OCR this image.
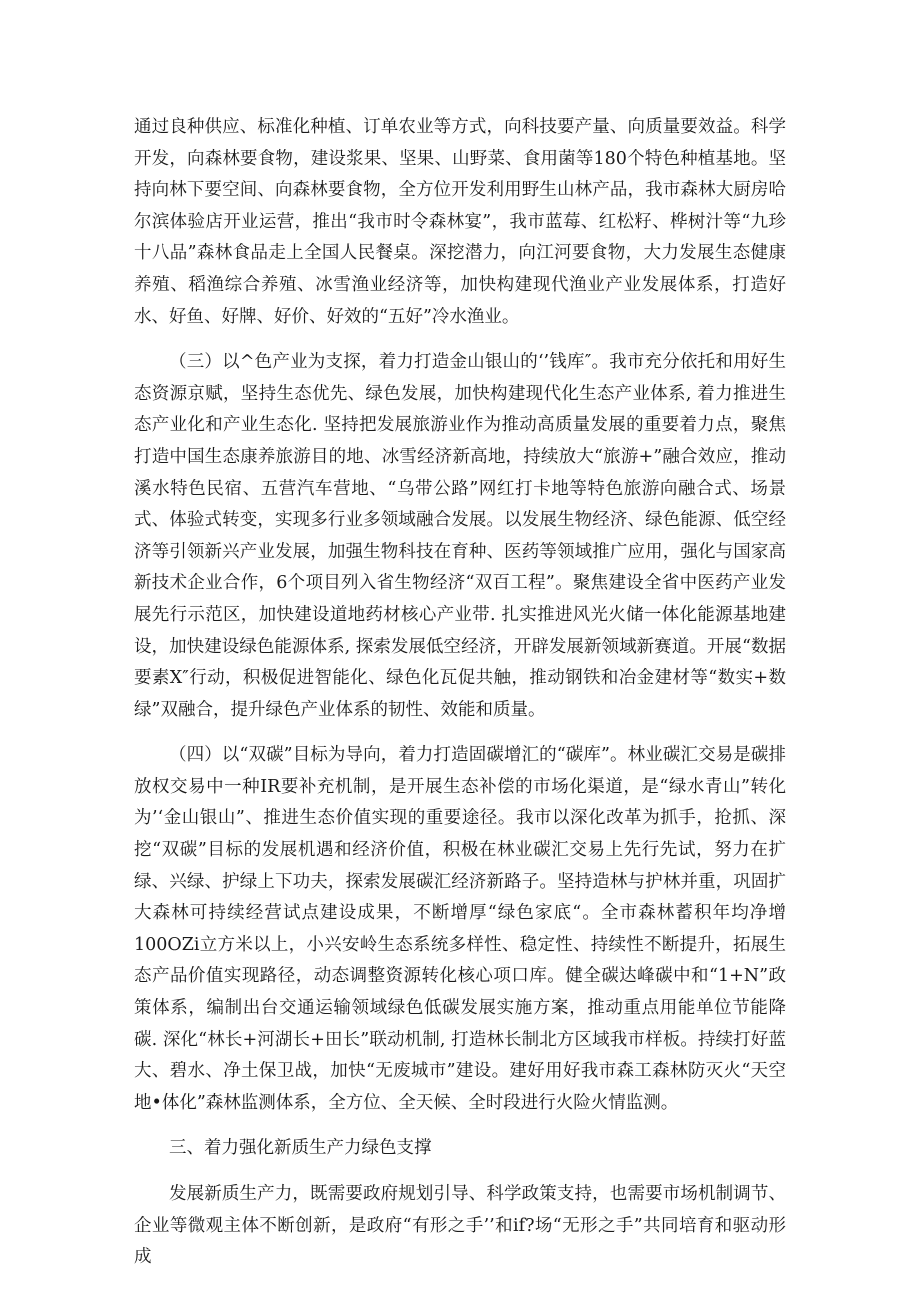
通过良种供应、标准化种植、订单农业等方式，向科技要产量、向质量要效益。科学开发，向森林要食物，建设浆果、坚果、山野菜、食用菌等180个特色种植基地。坚持向林下要空间、向森林要食物，全方位开发利用野生山林产品，我市森林大厨房哈尔滨体验店开业运营，推出“我市时令森林宴”，我市蓝莓、红松籽、桦树汁等“九珍十八品”森林食品走上全国人民餐桌。深挖潜力，向江河要食物，大力发展生态健康养殖、稻渔综合养殖、冰雪渔业经济等，加快构建现代渔业产业发展体系，打造好水、好鱼、好牌、好价、好效的“五好”冷水渔业。

（三）以^色产业为支探，着力打造金山银山的‘’钱库″。我市充分依托和用好生态资源京赋，坚持生态优先、绿色发展，加快构建现代化生态产业体系, 着力推进生态产业化和产业生态化. 坚持把发展旅游业作为推动高质量发展的重要着力点，聚焦打造中国生态康养旅游目的地、冰雪经济新高地，持续放大“旅游+”融合效应，推动溪水特色民宿、五营汽车营地、“乌带公路”网红打卡地等特色旅游向融合式、场景式、体验式转变，实现多行业多领域融合发展。以发展生物经济、绿色能源、低空经济等引领新兴产业发展，加强生物科技在育种、医药等领域推广应用，强化与国家高新技术企业合作，6个项目列入省生物经济“双百工程”。聚焦建设全省中医药产业发展先行示范区，加快建设道地药材核心产业带. 扎实推进风光火储一体化能源基地建设，加快建设绿色能源体系, 探索发展低空经济，开辟发展新领域新赛道。开展“数据要素X″行动，积极促进智能化、绿色化瓦促共触，推动钢铁和冶金建材等“数实+数绿”双融合，提升绿色产业体系的韧性、效能和质量。

（四）以“双碳”目标为导向，着力打造固碳增汇的“碳库”。林业碳汇交易是碳排放权交易中一种IR要补充机制，是开展生态补偿的市场化渠道，是“绿水青山”转化为’‘金山银山”、推进生态价值实现的重要途径。我市以深化改革为抓手，抢抓、深挖“双碳”目标的发展机遇和经济价值，积极在林业碳汇交易上先行先试，努力在扩绿、兴绿、护绿上下功夫，探索发展碳汇经济新路子。坚持造林与护林并重，巩固扩大森林可持续经营试点建设成果，不断增厚“绿色家底“。全市森林蓄积年均净增100OZi立方米以上，小兴安岭生态系统多样性、稳定性、持续性不断提升，拓展生态产品价值实现路径，动态调整资源转化核心项口库。健全碳达峰碳中和“1+N”政策体系，编制出台交通运输领域绿色低碳发展实施方案，推动重点用能单位节能降碳. 深化“林长+河湖长+田长”联动机制, 打造林长制北方区域我市样板。持续打好蓝大、碧水、净土保卫战，加快“无废城市”建设。建好用好我市森工森林防灭火“天空地•体化”森林监测体系，全方位、全天候、全时段进行火险火情监测。

三、着力强化新质生产力绿色支撑

发展新质生产力，既需要政府规划引导、科学政策支持，也需要市场机制调节、企业等微观主体不断创新，是政府“有形之手’’和if?场“无形之手”共同培育和驱动形成
